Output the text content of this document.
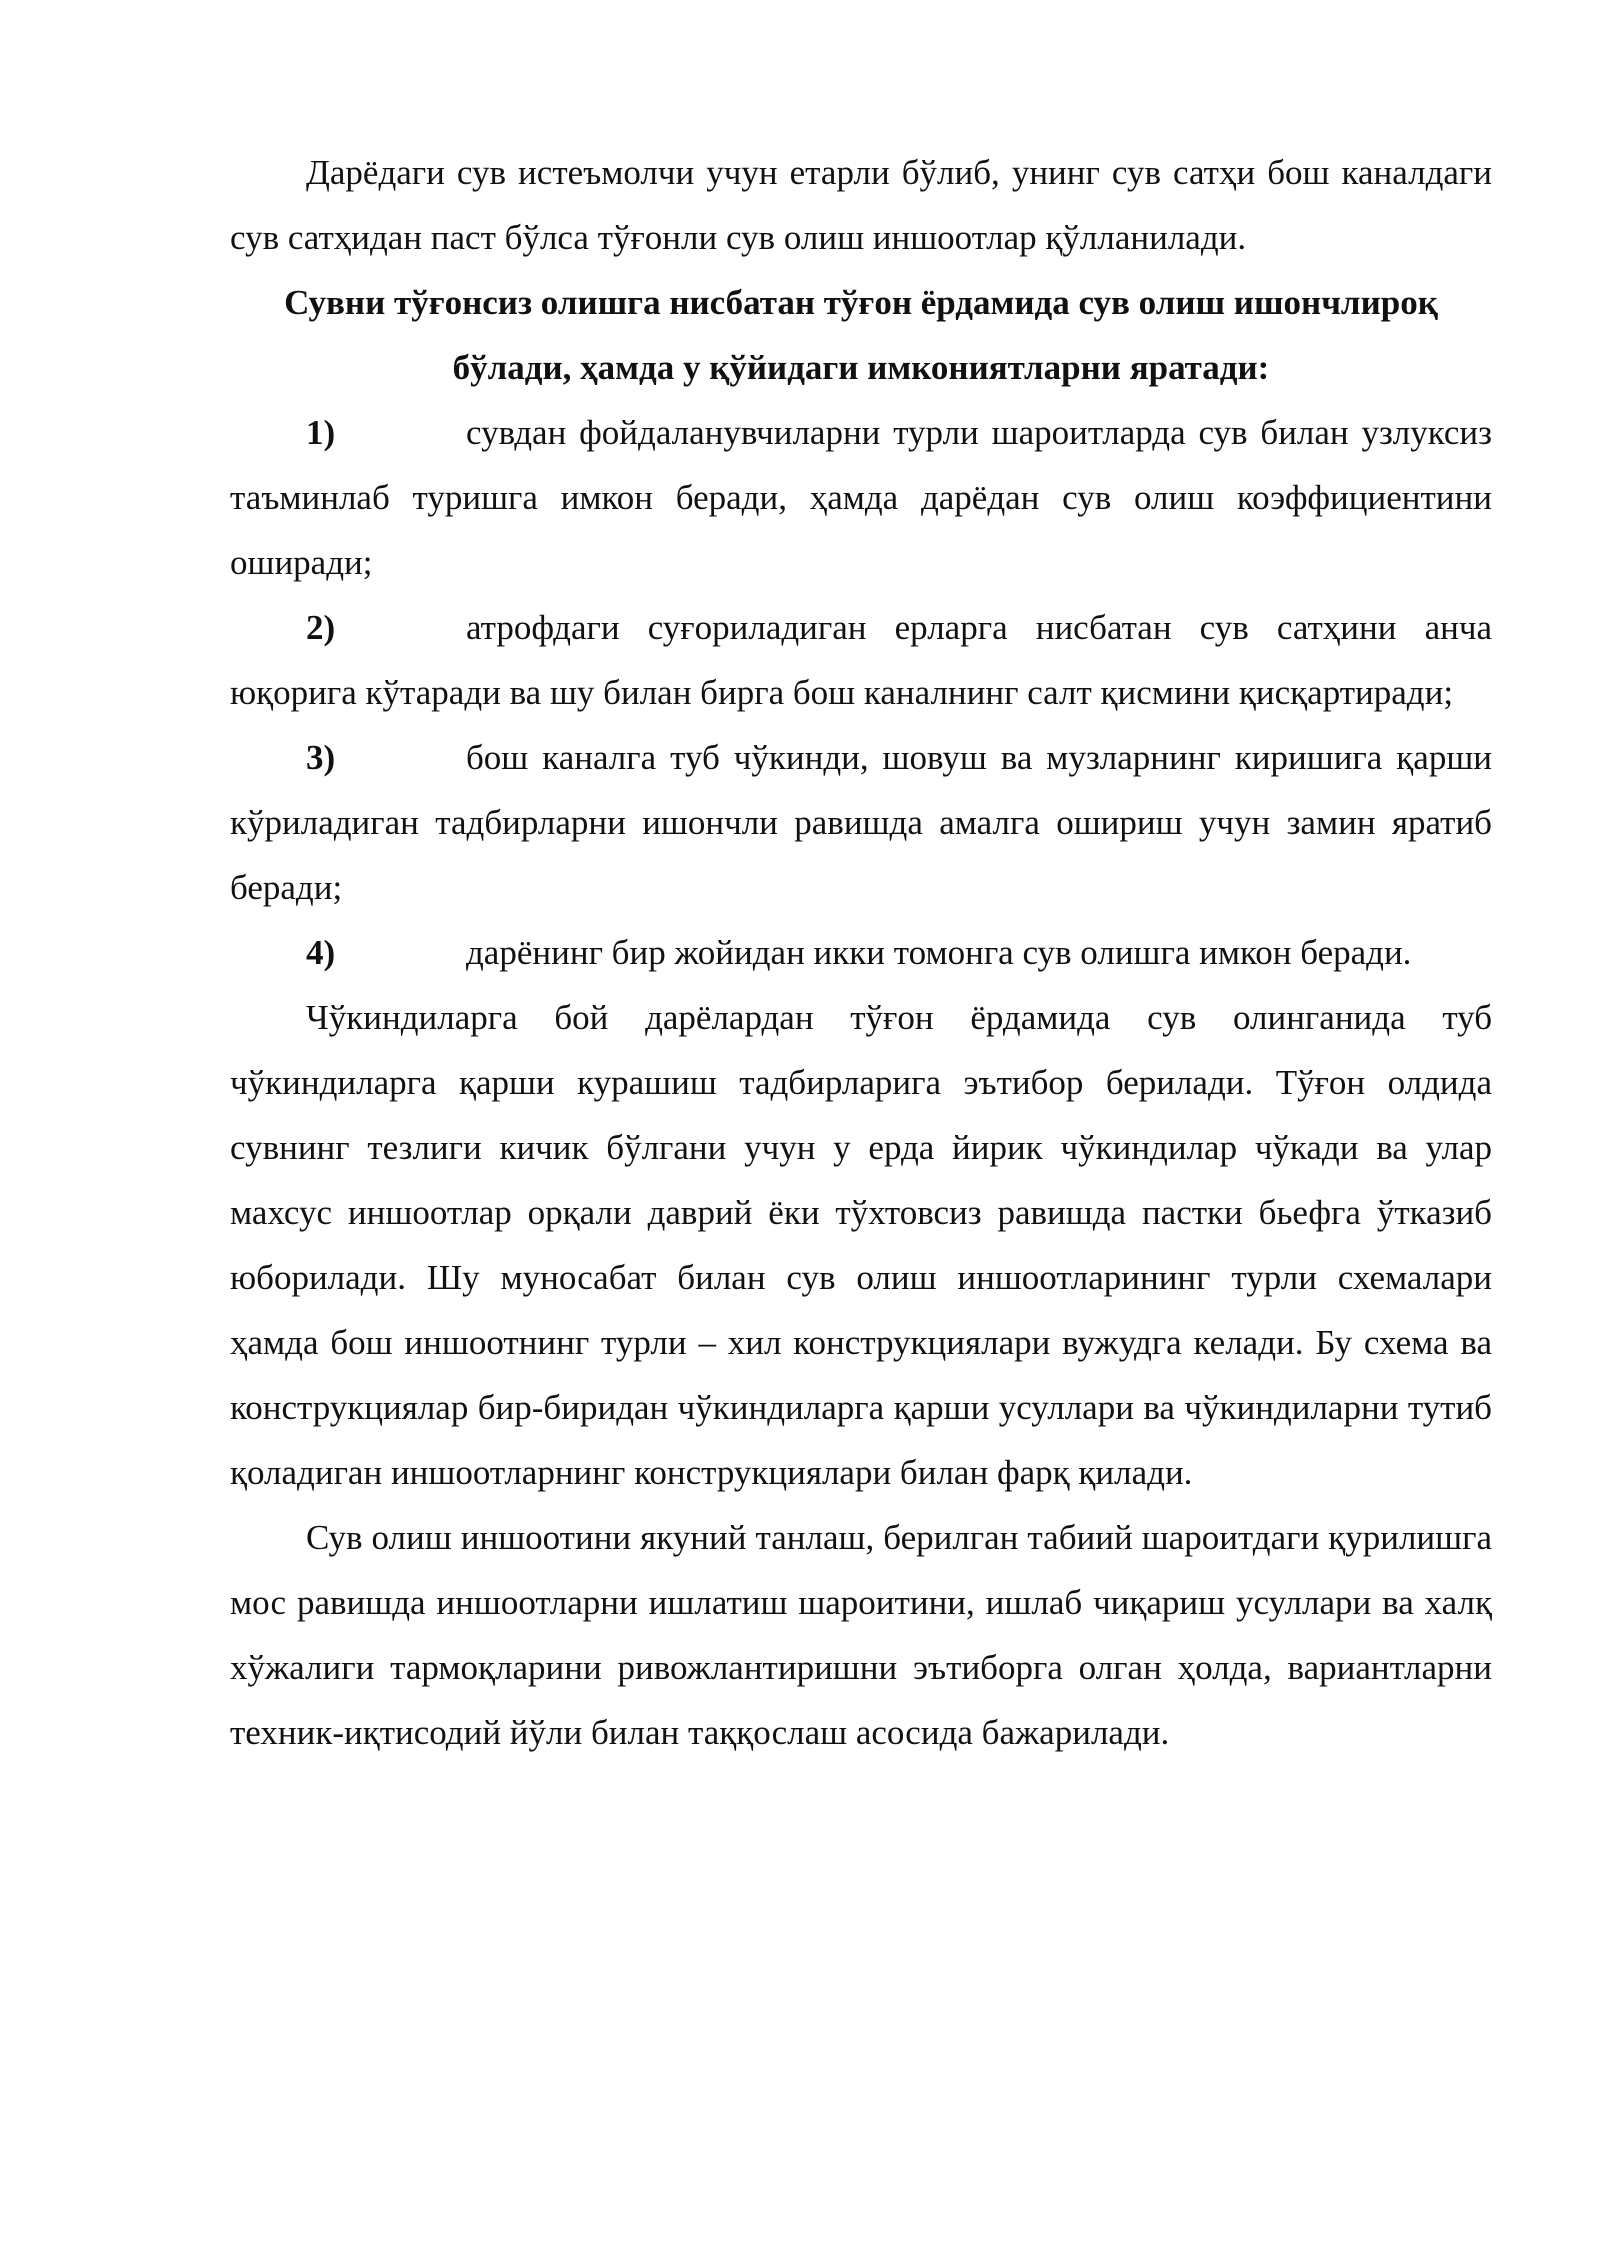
Дарёдаги сув истеъмолчи учун етарли бўлиб, унинг сув сатҳи бош каналдаги сув сатҳидан паст бўлса тўғонли сув олиш иншоотлар қўлланилади.

Сувни тўғонсиз олишга нисбатан тўғон ёрдамида сув олиш ишончлироқ бўлади, ҳамда у қўйидаги имкониятларни яратади:

1)	сувдан фойдаланувчиларни турли шароитларда сув билан узлуксиз таъминлаб туришга имкон беради, ҳамда дарёдан сув олиш коэффициентини оширади;

2)	атрофдаги суғориладиган ерларга нисбатан сув сатҳини анча юқорига кўтаради ва шу билан бирга бош каналнинг салт қисмини қисқартиради;

3)	бош каналга туб чўкинди, шовуш ва музларнинг киришига қарши кўриладиган тадбирларни ишончли равишда амалга ошириш учун замин яратиб беради;

4)	дарёнинг бир жойидан икки томонга сув олишга имкон беради.

Чўкиндиларга бой дарёлардан тўғон ёрдамида сув олинганида туб чўкиндиларга қарши курашиш тадбирларига эътибор берилади. Тўғон олдида сувнинг тезлиги кичик бўлгани учун у ерда йирик чўкиндилар чўкади ва улар махсус иншоотлар орқали даврий ёки тўхтовсиз равишда пастки бьефга ўтказиб юборилади. Шу муносабат билан сув олиш иншоотларининг турли схемалари ҳамда бош иншоотнинг турли – хил конструкциялари вужудга келади. Бу схема ва конструкциялар бир-биридан чўкиндиларга қарши усуллари ва чўкиндиларни тутиб қоладиган иншоотларнинг конструкциялари билан фарқ қилади.

Сув олиш иншоотини якуний танлаш, берилган табиий шароитдаги қурилишга мос равишда иншоотларни ишлатиш шароитини, ишлаб чиқариш усуллари ва халқ хўжалиги тармоқларини ривожлантиришни эътиборга олган ҳолда, вариантларни техник-иқтисодий йўли билан таққослаш асосида бажарилади.
